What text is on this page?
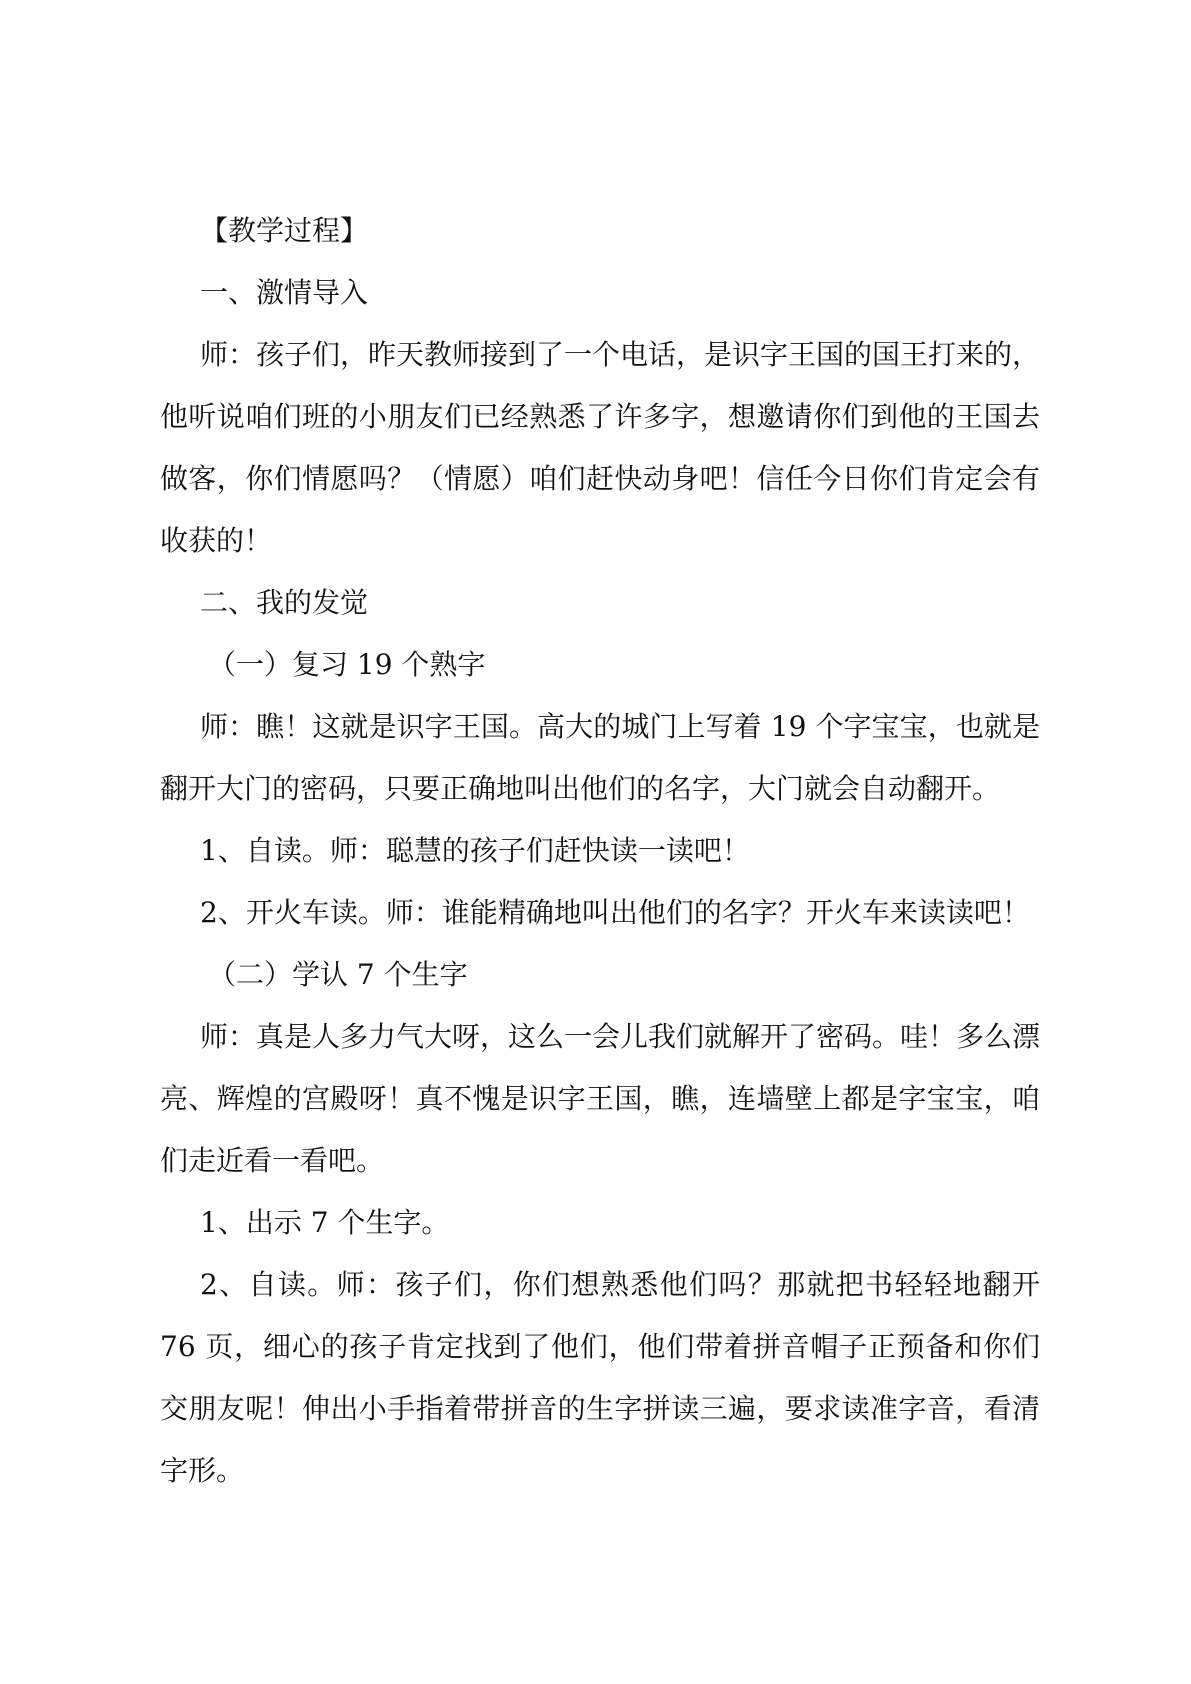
【教学过程】

一、激情导入

师：孩子们，昨天教师接到了一个电话，是识字王国的国王打来的，他听说咱们班的小朋友们已经熟悉了许多字，想邀请你们到他的王国去做客，你们情愿吗？（情愿）咱们赶快动身吧！信任今日你们肯定会有收获的！

二、我的发觉

（一）复习 19 个熟字

师：瞧！这就是识字王国。高大的城门上写着 19 个字宝宝，也就是翻开大门的密码，只要正确地叫出他们的名字，大门就会自动翻开。

1、自读。师：聪慧的孩子们赶快读一读吧！

2、开火车读。师：谁能精确地叫出他们的名字？开火车来读读吧！

（二）学认 7 个生字

师：真是人多力气大呀，这么一会儿我们就解开了密码。哇！多么漂亮、辉煌的宫殿呀！真不愧是识字王国，瞧，连墙壁上都是字宝宝，咱们走近看一看吧。

1、出示 7 个生字。

2、自读。师：孩子们，你们想熟悉他们吗？那就把书轻轻地翻开 76 页，细心的孩子肯定找到了他们，他们带着拼音帽子正预备和你们交朋友呢！伸出小手指着带拼音的生字拼读三遍，要求读准字音，看清字形。
